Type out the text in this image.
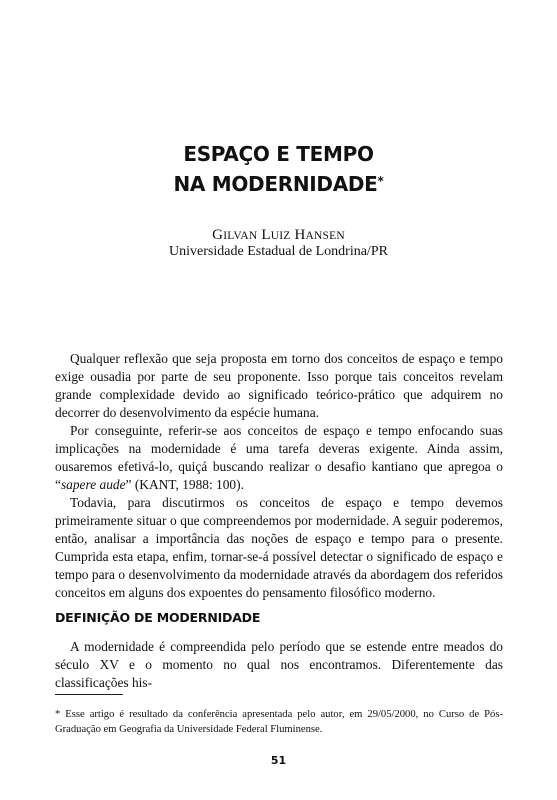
ESPAÇO E TEMPO
NA MODERNIDADE*
GILVAN LUIZ HANSEN
Universidade Estadual de Londrina/PR

Qualquer reflexão que seja proposta em torno dos conceitos de espaço e tempo exige ousadia por parte de seu proponente. Isso porque tais conceitos revelam grande complexidade devido ao significado teórico-prático que adquirem no decorrer do desenvolvimento da espécie humana.

Por conseguinte, referir-se aos conceitos de espaço e tempo enfocando suas implicações na modernidade é uma tarefa deveras exigente. Ainda assim, ousaremos efetivá-lo, quiçá buscando realizar o desafio kantiano que apregoa o “sapere aude” (KANT, 1988: 100).

Todavia, para discutirmos os conceitos de espaço e tempo devemos primeiramente situar o que compreendemos por modernidade. A seguir poderemos, então, analisar a importância das noções de espaço e tempo para o presente. Cumprida esta etapa, enfim, tornar-se-á possível detectar o significado de espaço e tempo para o desenvolvimento da modernidade através da abordagem dos referidos conceitos em alguns dos expoentes do pensamento filosófico moderno.

DEFINIÇÃO DE MODERNIDADE

A modernidade é compreendida pelo período que se estende entre meados do século XV e o momento no qual nos encontramos. Diferentemente das classificações his-

* Esse artigo é resultado da conferência apresentada pelo autor, em 29/05/2000, no Curso de Pós-Graduação em Geografia da Universidade Federal Fluminense.

51
